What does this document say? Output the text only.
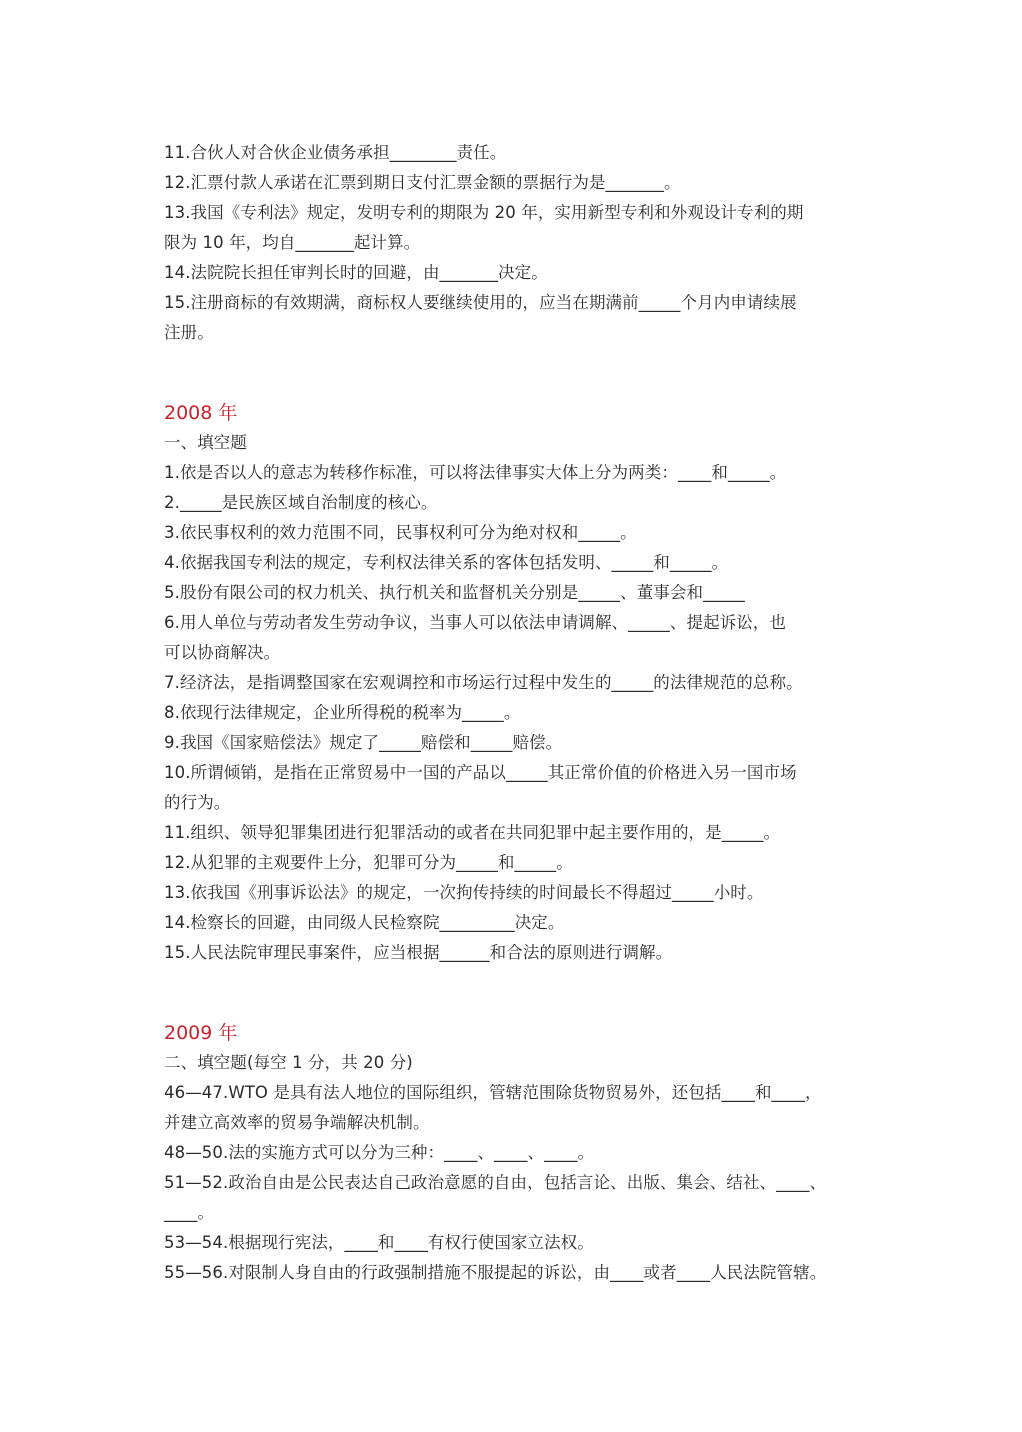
11.合伙人对合伙企业债务承担________责任。
12.汇票付款人承诺在汇票到期日支付汇票金额的票据行为是_______。
13.我国《专利法》规定，发明专利的期限为 20 年，实用新型专利和外观设计专利的期
限为 10 年，均自_______起计算。
14.法院院长担任审判长时的回避，由_______决定。
15.注册商标的有效期满，商标权人要继续使用的，应当在期满前_____个月内申请续展
注册。
2008 年
一、填空题
1.依是否以人的意志为转移作标准，可以将法律事实大体上分为两类：____和_____。
2._____是民族区域自治制度的核心。
3.依民事权利的效力范围不同，民事权利可分为绝对权和_____。
4.依据我国专利法的规定，专利权法律关系的客体包括发明、_____和_____。
5.股份有限公司的权力机关、执行机关和监督机关分别是_____、董事会和_____
6.用人单位与劳动者发生劳动争议，当事人可以依法申请调解、_____、提起诉讼，也
可以协商解决。
7.经济法，是指调整国家在宏观调控和市场运行过程中发生的_____的法律规范的总称。
8.依现行法律规定，企业所得税的税率为_____。
9.我国《国家赔偿法》规定了_____赔偿和_____赔偿。
10.所谓倾销，是指在正常贸易中一国的产品以_____其正常价值的价格进入另一国市场
的行为。
11.组织、领导犯罪集团进行犯罪活动的或者在共同犯罪中起主要作用的，是_____。
12.从犯罪的主观要件上分，犯罪可分为_____和_____。
13.依我国《刑事诉讼法》的规定，一次拘传持续的时间最长不得超过_____小时。
14.检察长的回避，由同级人民检察院_________决定。
15.人民法院审理民事案件，应当根据______和合法的原则进行调解。
2009 年
二、填空题(每空 1 分，共 20 分)
46—47.WTO 是具有法人地位的国际组织，管辖范围除货物贸易外，还包括____和____，
并建立高效率的贸易争端解决机制。
48—50.法的实施方式可以分为三种：____、____、____。
51—52.政治自由是公民表达自己政治意愿的自由，包括言论、出版、集会、结社、____、
____。
53—54.根据现行宪法，____和____有权行使国家立法权。
55—56.对限制人身自由的行政强制措施不服提起的诉讼，由____或者____人民法院管辖。
